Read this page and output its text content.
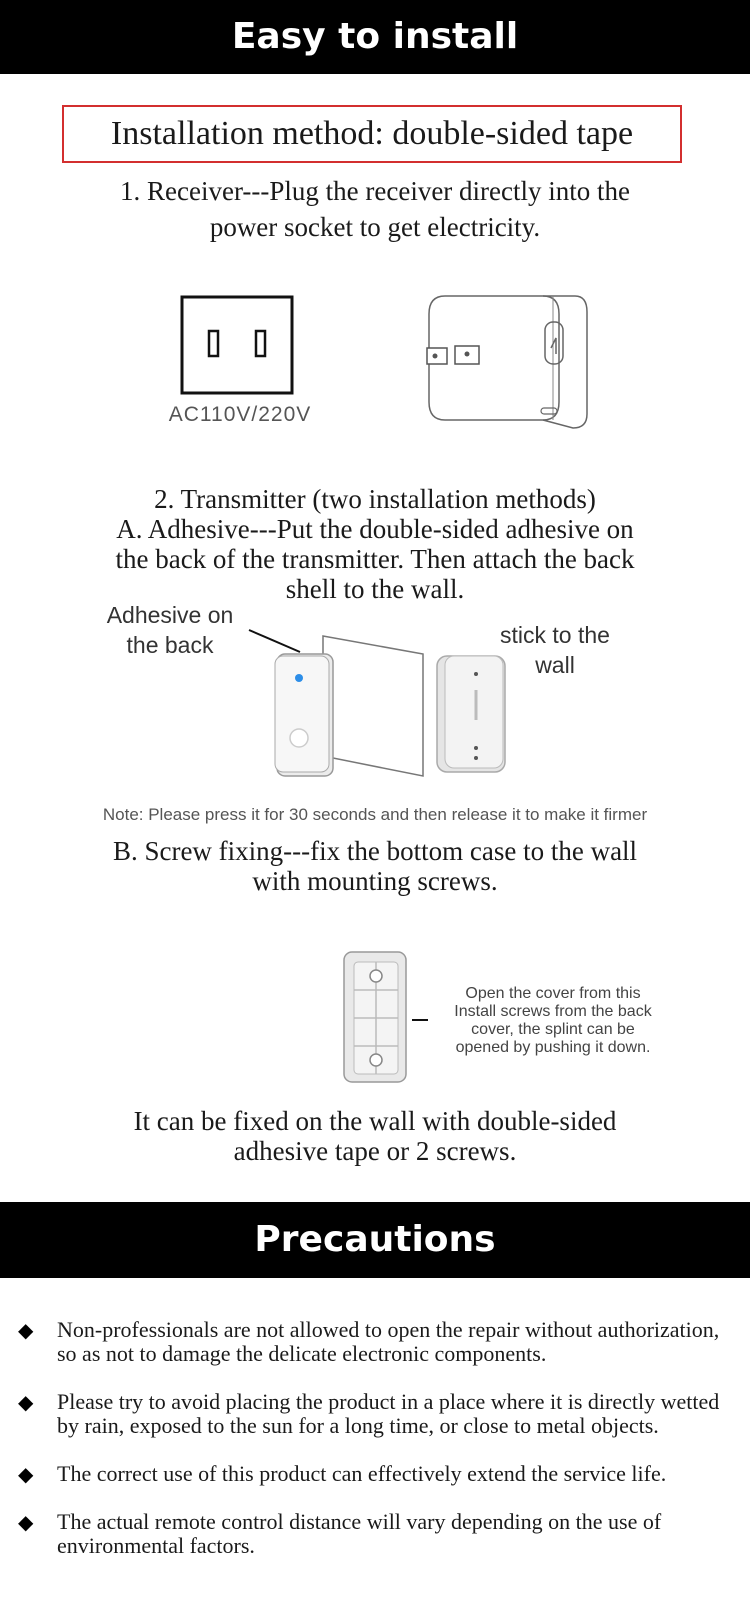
Easy to install
Installation method: double-sided tape
1. Receiver---Plug the receiver directly into the
power socket to get electricity.
AC110V/220V
2. Transmitter (two installation methods)
A. Adhesive---Put the double-sided adhesive on
the back of the transmitter. Then attach the back
shell to the wall.
Adhesive on
the back	stick to the
wall
Note: Please press it for 30 seconds and then release it to make it firmer
B. Screw fixing---fix the bottom case to the wall
with mounting screws.
Open the cover from this
Install screws from the back
cover, the splint can be
opened by pushing it down.
It can be fixed on the wall with double-sided
adhesive tape or 2 screws.
Precautions
◆ Non-professionals are not allowed to open the repair without authorization, so as not to damage the delicate electronic components.
◆ Please try to avoid placing the product in a place where it is directly wetted by rain, exposed to the sun for a long time, or close to metal objects.
◆ The correct use of this product can effectively extend the service life.
◆ The actual remote control distance will vary depending on the use of environmental factors.
